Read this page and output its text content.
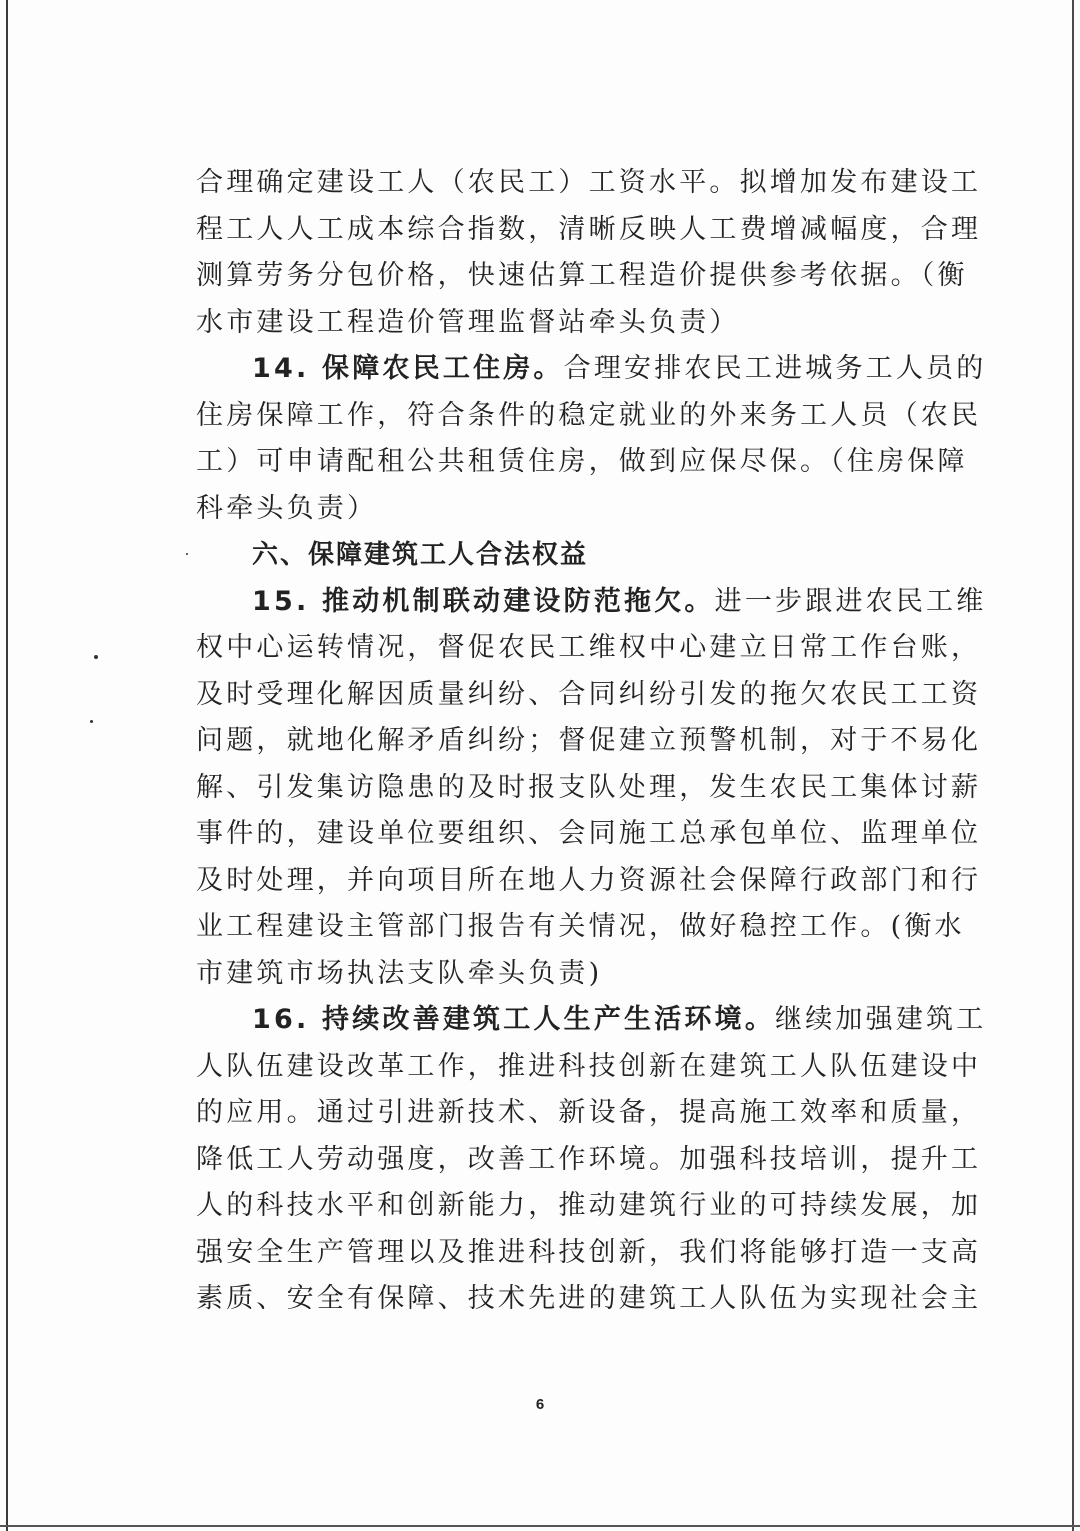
合理确定建设工人（农民工）工资水平。拟增加发布建设工
程工人人工成本综合指数，清晰反映人工费增减幅度，合理
测算劳务分包价格，快速估算工程造价提供参考依据。（衡
水市建设工程造价管理监督站牵头负责）
14. 保障农民工住房。合理安排农民工进城务工人员的
住房保障工作，符合条件的稳定就业的外来务工人员（农民
工）可申请配租公共租赁住房，做到应保尽保。（住房保障
科牵头负责）
六、保障建筑工人合法权益
15. 推动机制联动建设防范拖欠。进一步跟进农民工维
权中心运转情况，督促农民工维权中心建立日常工作台账，
及时受理化解因质量纠纷、合同纠纷引发的拖欠农民工工资
问题，就地化解矛盾纠纷；督促建立预警机制，对于不易化
解、引发集访隐患的及时报支队处理，发生农民工集体讨薪
事件的，建设单位要组织、会同施工总承包单位、监理单位
及时处理，并向项目所在地人力资源社会保障行政部门和行
业工程建设主管部门报告有关情况，做好稳控工作。(衡水
市建筑市场执法支队牵头负责)
16. 持续改善建筑工人生产生活环境。继续加强建筑工
人队伍建设改革工作，推进科技创新在建筑工人队伍建设中
的应用。通过引进新技术、新设备，提高施工效率和质量，
降低工人劳动强度，改善工作环境。加强科技培训，提升工
人的科技水平和创新能力，推动建筑行业的可持续发展，加
强安全生产管理以及推进科技创新，我们将能够打造一支高
素质、安全有保障、技术先进的建筑工人队伍为实现社会主
6
